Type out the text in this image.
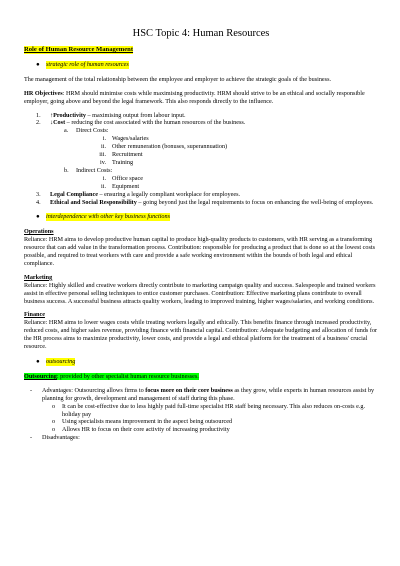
HSC Topic 4: Human Resources
Role of Human Resource Management
●	strategic role of human resources

The management of the total relationship between the employee and employer to achieve the strategic goals of the business.

HR Objectives: HRM should minimise costs while maximising productivity. HRM should strive to be an ethical and socially responsible employer, going above and beyond the legal framework. This also responds directly to the influence.

1.	↑Productivity – maximising output from labour input.
2.	↓Cost – reducing the cost associated with the human resources of the business.
a.	Direct Costs:
i. Wages/salaries
ii. Other remuneration (bonuses, superannuation)
iii. Recruitment
iv. Training
b.	Indirect Costs:
i. Office space
ii. Equipment
3.	Legal Compliance – ensuring a legally compliant workplace for employees.
4.	Ethical and Social Responsibility – going beyond just the legal requirements to focus on enhancing the well-being of employees.
●	interdependence with other key business functions
Operations

Reliance: HRM aims to develop productive human capital to produce high-quality products to customers, with HR serving as a transforming resource that can add value in the transformation process. Contribution: responsible for producing a product that is done so at the lowest costs possible, and required to treat workers with care and provide a safe working environment within the bounds of both legal and ethical compliance.

Marketing

Reliance: Highly skilled and creative workers directly contribute to marketing campaign quality and success. Salespeople and trained workers assist in effective personal selling techniques to entice customer purchases. Contribution: Effective marketing plans contribute to overall business success. A successful business attracts quality workers, leading to improved training, higher wages/salaries, and working conditions.

Finance

Reliance: HRM aims to lower wages costs while treating workers legally and ethically. This benefits finance through increased productivity, reduced costs, and higher sales revenue, providing finance with financial capital. Contribution: Adequate budgeting and allocation of funds for the HR process aims to maximize productivity, lower costs, and provide a legal and ethical platform for the treatment of a business' crucial resource.

●	outsourcing

Outsourcing: provided by other specialist human resource businesses.

-	Advantages: Outsourcing allows firms to focus more on their core business as they grow, while experts in human resources assist by planning for growth, development and management of staff during this phase.
o	It can be cost-effective due to less highly paid full-time specialist HR staff being necessary. This also reduces on-costs e.g. holiday pay
o	Using specialists means improvement in the aspect being outsourced
o	Allows HR to focus on their core activity of increasing productivity
-	Disadvantages:
